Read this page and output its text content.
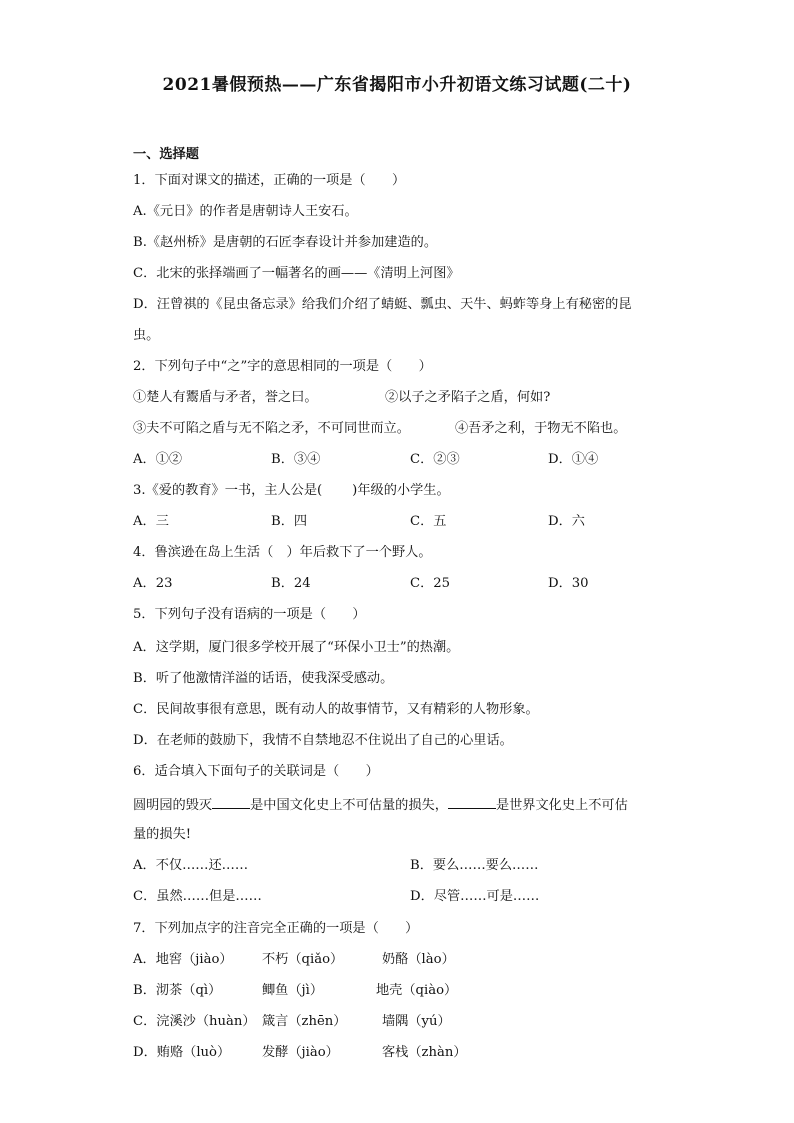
2021暑假预热——广东省揭阳市小升初语文练习试题(二十)
一、选择题
1．下面对课文的描述，正确的一项是（　　）
A.《元日》的作者是唐朝诗人王安石。
B.《赵州桥》是唐朝的石匠李春设计并参加建造的。
C．北宋的张择端画了一幅著名的画——《清明上河图》
D．汪曾祺的《昆虫备忘录》给我们介绍了蜻蜓、瓢虫、天牛、蚂蚱等身上有秘密的昆
虫。
2．下列句子中“之”字的意思相同的一项是（　　）
①楚人有鬻盾与矛者，誉之曰。	②以子之矛陷子之盾，何如?
③夫不可陷之盾与无不陷之矛，不可同世而立。	④吾矛之利，于物无不陷也。
A．①②	B．③④	C．②③	D．①④
3.《爱的教育》一书，主人公是( )年级的小学生。
A．三	B．四	C．五	D．六
4．鲁滨逊在岛上生活（　）年后救下了一个野人。
A．23	B．24	C．25	D．30
5．下列句子没有语病的一项是（　　）
A．这学期，厦门很多学校开展了“环保小卫士”的热潮。
B．听了他激情洋溢的话语，使我深受感动。
C．民间故事很有意思，既有动人的故事情节，又有精彩的人物形象。
D．在老师的鼓励下，我情不自禁地忍不住说出了自己的心里话。
6．适合填入下面句子的关联词是（　　）
圆明园的毁灭	是中国文化史上不可估量的损失，	是世界文化史上不可估
量的损失!
A．不仅……还……	B．要么……要么……
C．虽然……但是……	D．尽管……可是……
7．下列加点字的注音完全正确的一项是（　　）
A．地窖（jiào） 不朽（qiǎo）	奶酪（lào）
B．沏茶（qì）	鲫鱼（jì）	地壳（qiào）
C．浣溪沙（huàn） 箴言（zhēn）	墙隅（yú）
D．贿赂（luò） 发酵（jiào）	客栈（zhàn）
